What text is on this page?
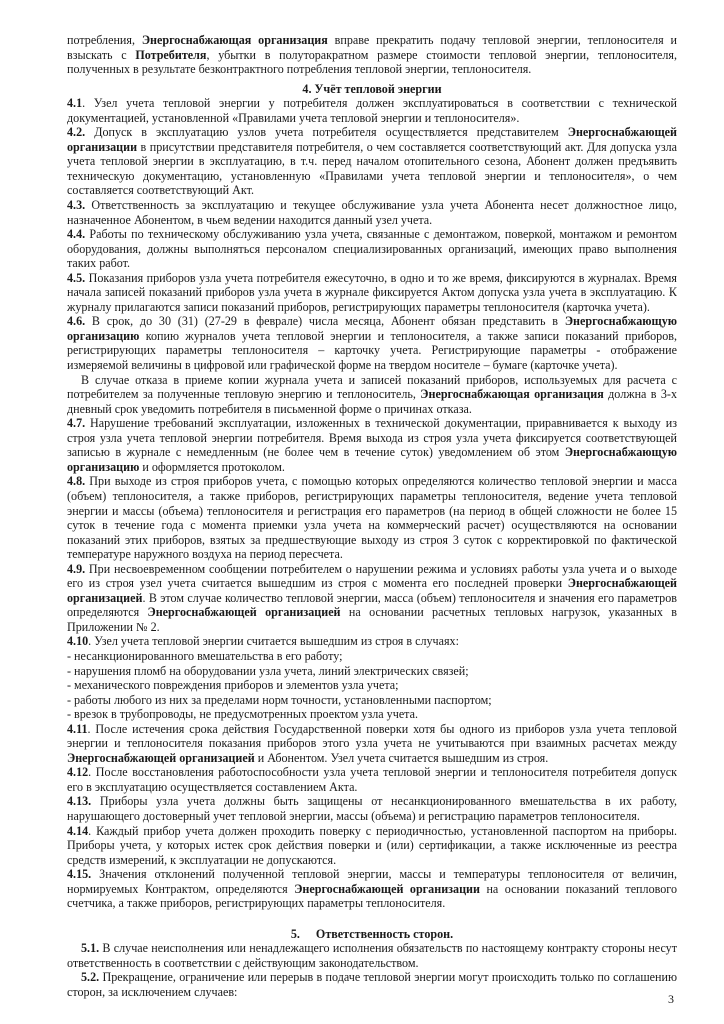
потребления, Энергоснабжающая организация вправе прекратить подачу тепловой энергии, теплоносителя и взыскать с Потребителя, убытки в полуторакратном размере стоимости тепловой энергии, теплоносителя, полученных в результате безконтрактного потребления тепловой энергии, теплоносителя.

4. Учёт тепловой энергии

4.1. Узел учета тепловой энергии у потребителя должен эксплуатироваться в соответствии с технической документацией, установленной «Правилами учета тепловой энергии и теплоносителя».

4.2. Допуск в эксплуатацию узлов учета потребителя осуществляется представителем Энергоснабжающей организации в присутствии представителя потребителя, о чем составляется соответствующий акт. Для допуска узла учета тепловой энергии в эксплуатацию, в т.ч. перед началом отопительного сезона, Абонент должен предъявить техническую документацию, установленную «Правилами учета тепловой энергии и теплоносителя», о чем составляется соответствующий Акт.

4.3. Ответственность за эксплуатацию и текущее обслуживание узла учета Абонента несет должностное лицо, назначенное Абонентом, в чьем ведении находится данный узел учета.

4.4. Работы по техническому обслуживанию узла учета, связанные с демонтажом, поверкой, монтажом и ремонтом оборудования, должны выполняться персоналом специализированных организаций, имеющих право выполнения таких работ.

4.5. Показания приборов узла учета потребителя ежесуточно, в одно и то же время, фиксируются в журналах. Время начала записей показаний приборов узла учета в журнале фиксируется Актом допуска узла учета в эксплуатацию. К журналу прилагаются записи показаний приборов, регистрирующих параметры теплоносителя (карточка учета).

4.6. В срок, до 30 (31) (27-29 в феврале) числа месяца, Абонент обязан представить в Энергоснабжающую организацию копию журналов учета тепловой энергии и теплоносителя, а также записи показаний приборов, регистрирующих параметры теплоносителя – карточку учета. Регистрирующие параметры - отображение измеряемой величины в цифровой или графической форме на твердом носителе – бумаге (карточке учета).

В случае отказа в приеме копии журнала учета и записей показаний приборов, используемых для расчета с потребителем за полученные тепловую энергию и теплоноситель, Энергоснабжающая организация должна в 3-х дневный срок уведомить потребителя в письменной форме о причинах отказа.

4.7. Нарушение требований эксплуатации, изложенных в технической документации, приравнивается к выходу из строя узла учета тепловой энергии потребителя. Время выхода из строя узла учета фиксируется соответствующей записью в журнале с немедленным (не более чем в течение суток) уведомлением об этом Энергоснабжающую организацию и оформляется протоколом.

4.8. При выходе из строя приборов учета, с помощью которых определяются количество тепловой энергии и масса (объем) теплоносителя, а также приборов, регистрирующих параметры теплоносителя, ведение учета тепловой энергии и массы (объема) теплоносителя и регистрация его параметров (на период в общей сложности не более 15 суток в течение года с момента приемки узла учета на коммерческий расчет) осуществляются на основании показаний этих приборов, взятых за предшествующие выходу из строя 3 суток с корректировкой по фактической температуре наружного воздуха на период пересчета.

4.9. При несвоевременном сообщении потребителем о нарушении режима и условиях работы узла учета и о выходе его из строя узел учета считается вышедшим из строя с момента его последней проверки Энергоснабжающей организацией. В этом случае количество тепловой энергии, масса (объем) теплоносителя и значения его параметров определяются Энергоснабжающей организацией на основании расчетных тепловых нагрузок, указанных в Приложении № 2.

4.10. Узел учета тепловой энергии считается вышедшим из строя в случаях:

- несанкционированного вмешательства в его работу;

- нарушения пломб на оборудовании узла учета, линий электрических связей;

- механического повреждения приборов и элементов узла учета;

- работы любого из них за пределами норм точности, установленными паспортом;

- врезок в трубопроводы, не предусмотренных проектом узла учета.

4.11. После истечения срока действия Государственной поверки хотя бы одного из приборов узла учета тепловой энергии и теплоносителя показания приборов этого узла учета не учитываются при взаимных расчетах между Энергоснабжающей организацией и Абонентом. Узел учета считается вышедшим из строя.

4.12. После восстановления работоспособности узла учета тепловой энергии и теплоносителя потребителя допуск его в эксплуатацию осуществляется составлением Акта.

4.13. Приборы узла учета должны быть защищены от несанкционированного вмешательства в их работу, нарушающего достоверный учет тепловой энергии, массы (объема) и регистрацию параметров теплоносителя.

4.14. Каждый прибор учета должен проходить поверку с периодичностью, установленной паспортом на приборы. Приборы учета, у которых истек срок действия поверки и (или) сертификации, а также исключенные из реестра средств измерений, к эксплуатации не допускаются.

4.15. Значения отклонений полученной тепловой энергии, массы и температуры теплоносителя от величин, нормируемых Контрактом, определяются Энергоснабжающей организации на основании показаний теплового счетчика, а также приборов, регистрирующих параметры теплоносителя.

5. Ответственность сторон.

5.1. В случае неисполнения или ненадлежащего исполнения обязательств по настоящему контракту стороны несут ответственность в соответствии с действующим законодательством.

5.2. Прекращение, ограничение или перерыв в подаче тепловой энергии могут происходить только по соглашению сторон, за исключением случаев:	3
